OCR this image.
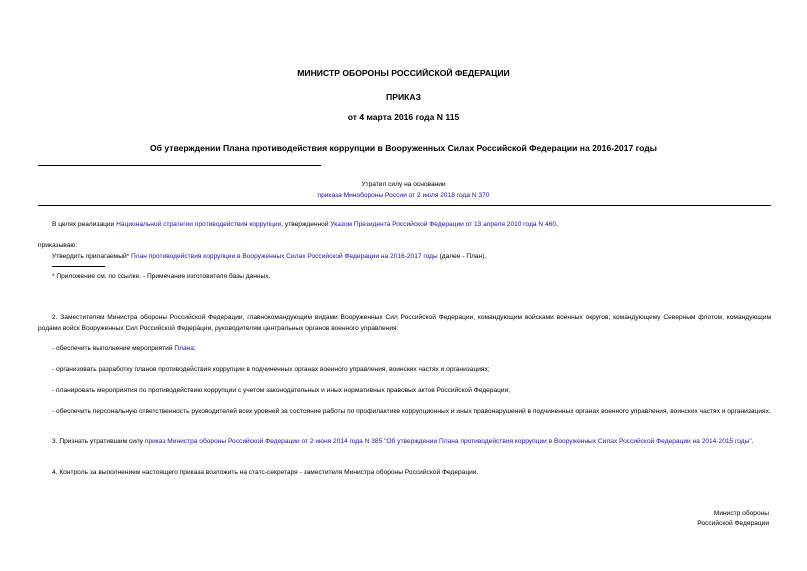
МИНИСТР ОБОРОНЫ РОССИЙСКОЙ ФЕДЕРАЦИИ
ПРИКАЗ
от 4 марта 2016 года N 115
Об утверждении Плана противодействия коррупции в Вооруженных Силах Российской Федерации на 2016-2017 годы
Утратил силу на основании
приказа Минобороны России от 2 июля 2018 года N 370
В целях реализации Национальной стратегии противодействия коррупции, утвержденной Указом Президента Российской Федерации от 13 апреля 2010 года N 460,
приказываю:
Утвердить прилагаемый* План противодействия коррупции в Вооруженных Силах Российской Федерации на 2016-2017 годы (далее - План).
* Приложение см. по ссылке. - Примечание изготовителя базы данных.
2. Заместителям Министра обороны Российской Федерации, главнокомандующим видами Вооруженных Сил Российской Федерации, командующим войсками военных округов, командующему Северным флотом, командующим родами войск Вооруженных Сил Российской Федерации, руководителям центральных органов военного управления:
- обеспечить выполнение мероприятий Плана;
- организовать разработку планов противодействия коррупции в подчиненных органах военного управления, воинских частях и организациях;
- планировать мероприятия по противодействию коррупции с учетом законодательных и иных нормативных правовых актов Российской Федерации;
- обеспечить персональную ответственность руководителей всех уровней за состояние работы по профилактике коррупционных и иных правонарушений в подчиненных органах военного управления, воинских частях и организациях.
3. Признать утратившим силу приказ Министра обороны Российской Федерации от 2 июня 2014 года N 385 "Об утверждении Плана противодействия коррупции в Вооруженных Силах Российской Федерации на 2014-2015 годы".
4. Контроль за выполнением настоящего приказа возложить на статс-секретаря - заместителя Министра обороны Российской Федерации.
Министр обороны
Российской Федерации
